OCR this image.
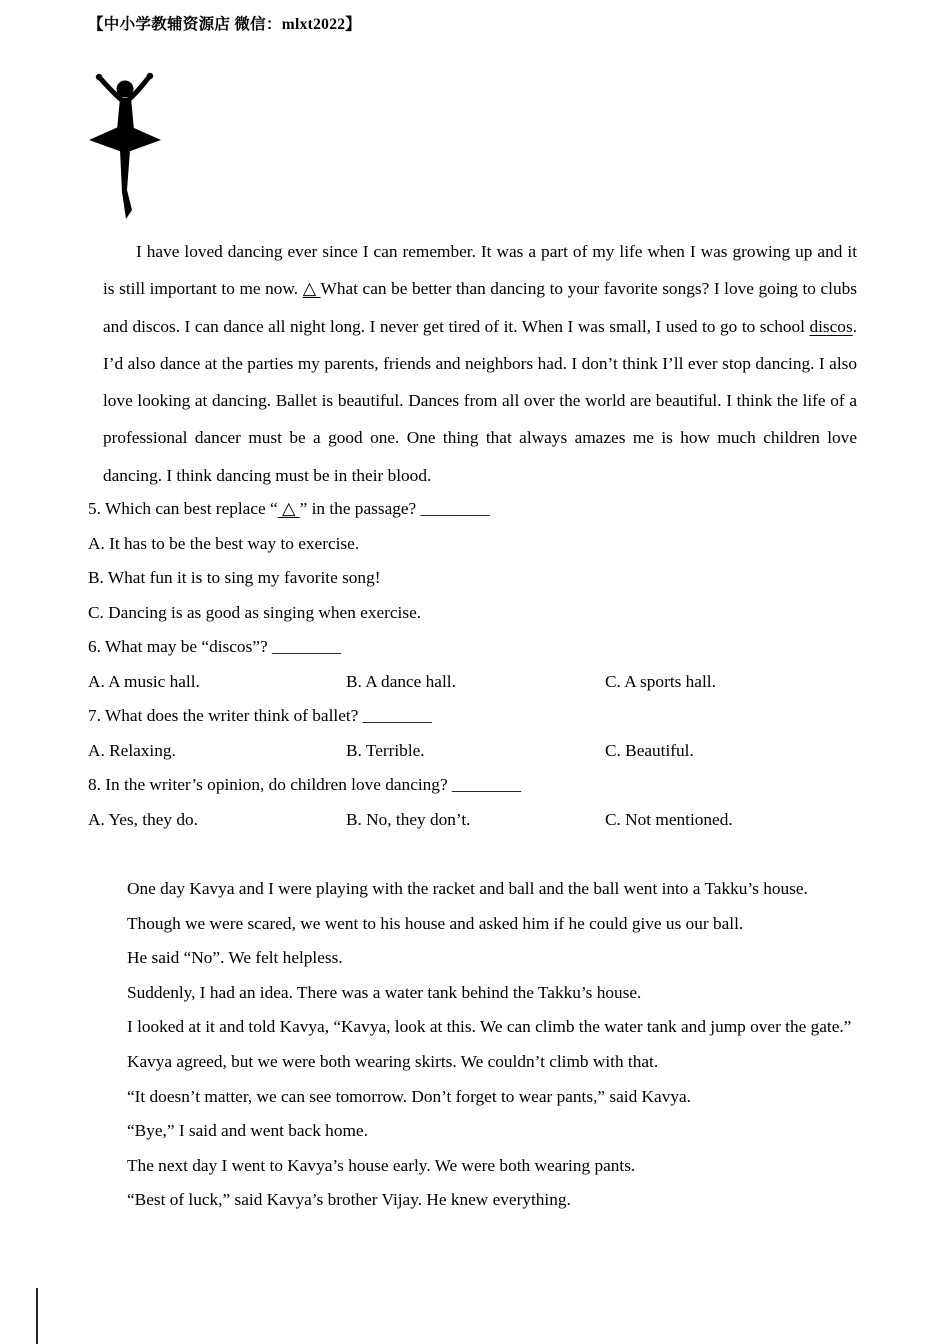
【中小学教辅资源店 微信：mlxt2022】
I have loved dancing ever since I can remember. It was a part of my life when I was growing up and it is still important to me now. △ What can be better than dancing to your favorite songs? I love going to clubs and discos. I can dance all night long. I never get tired of it. When I was small, I used to go to school discos. I’d also dance at the parties my parents, friends and neighbors had. I don’t think I’ll ever stop dancing. I also love looking at dancing. Ballet is beautiful. Dances from all over the world are beautiful. I think the life of a professional dancer must be a good one. One thing that always amazes me is how much children love dancing. I think dancing must be in their blood.
5. Which can best replace “ △ ” in the passage? ________
A. It has to be the best way to exercise.
B. What fun it is to sing my favorite song!
C. Dancing is as good as singing when exercise.
6. What may be “discos”? ________
A. A music hall.	B. A dance hall.	C. A sports hall.
7. What does the writer think of ballet? ________
A. Relaxing.	B. Terrible.	C. Beautiful.
8. In the writer’s opinion, do children love dancing? ________
A. Yes, they do.	B. No, they don’t.	C. Not mentioned.
One day Kavya and I were playing with the racket and ball and the ball went into a Takku’s house.
Though we were scared, we went to his house and asked him if he could give us our ball.
He said “No”. We felt helpless.
Suddenly, I had an idea. There was a water tank behind the Takku’s house.
I looked at it and told Kavya, “Kavya, look at this. We can climb the water tank and jump over the gate.”
Kavya agreed, but we were both wearing skirts. We couldn’t climb with that.
“It doesn’t matter, we can see tomorrow. Don’t forget to wear pants,” said Kavya.
“Bye,” I said and went back home.
The next day I went to Kavya’s house early. We were both wearing pants.
“Best of luck,” said Kavya’s brother Vijay. He knew everything.
